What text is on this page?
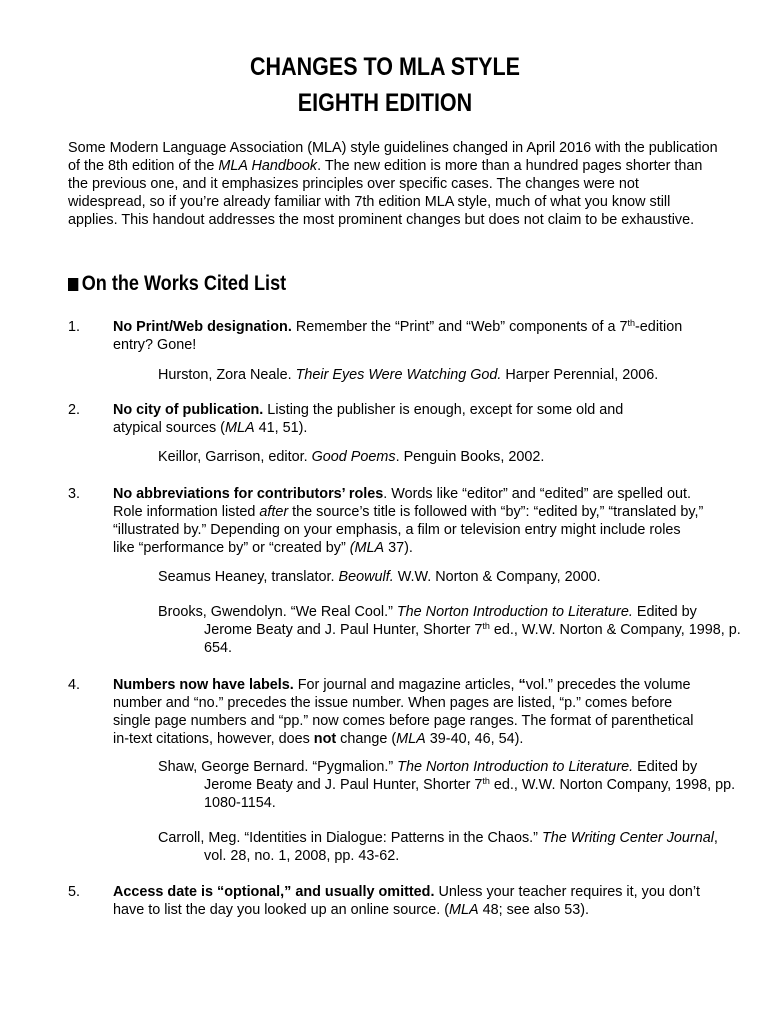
CHANGES TO MLA STYLE
EIGHTH EDITION

Some Modern Language Association (MLA) style guidelines changed in April 2016 with the publication of the 8th edition of the MLA Handbook. The new edition is more than a hundred pages shorter than the previous one, and it emphasizes principles over specific cases. The changes were not widespread, so if you’re already familiar with 7th edition MLA style, much of what you know still applies. This handout addresses the most prominent changes but does not claim to be exhaustive.

On the Works Cited List
1. No Print/Web designation. Remember the “Print” and “Web” components of a 7th-edition entry? Gone!
Hurston, Zora Neale. Their Eyes Were Watching God. Harper Perennial, 2006.
2. No city of publication. Listing the publisher is enough, except for some old and atypical sources (MLA 41, 51).
Keillor, Garrison, editor. Good Poems. Penguin Books, 2002.
3. No abbreviations for contributors’ roles. Words like “editor” and “edited” are spelled out. Role information listed after the source’s title is followed with “by”: “edited by,” “translated by,” “illustrated by.” Depending on your emphasis, a film or television entry might include roles like “performance by” or “created by” (MLA 37).
Seamus Heaney, translator. Beowulf. W.W. Norton & Company, 2000.
Brooks, Gwendolyn. “We Real Cool.” The Norton Introduction to Literature. Edited by Jerome Beaty and J. Paul Hunter, Shorter 7th ed., W.W. Norton & Company, 1998, p. 654.
4. Numbers now have labels. For journal and magazine articles, “vol.” precedes the volume number and “no.” precedes the issue number. When pages are listed, “p.” comes before single page numbers and “pp.” now comes before page ranges. The format of parenthetical in-text citations, however, does not change (MLA 39-40, 46, 54).
Shaw, George Bernard. “Pygmalion.” The Norton Introduction to Literature. Edited by Jerome Beaty and J. Paul Hunter, Shorter 7th ed., W.W. Norton Company, 1998, pp. 1080-1154.
Carroll, Meg. “Identities in Dialogue: Patterns in the Chaos.” The Writing Center Journal, vol. 28, no. 1, 2008, pp. 43-62.
5. Access date is “optional,” and usually omitted. Unless your teacher requires it, you don’t have to list the day you looked up an online source. (MLA 48; see also 53).
